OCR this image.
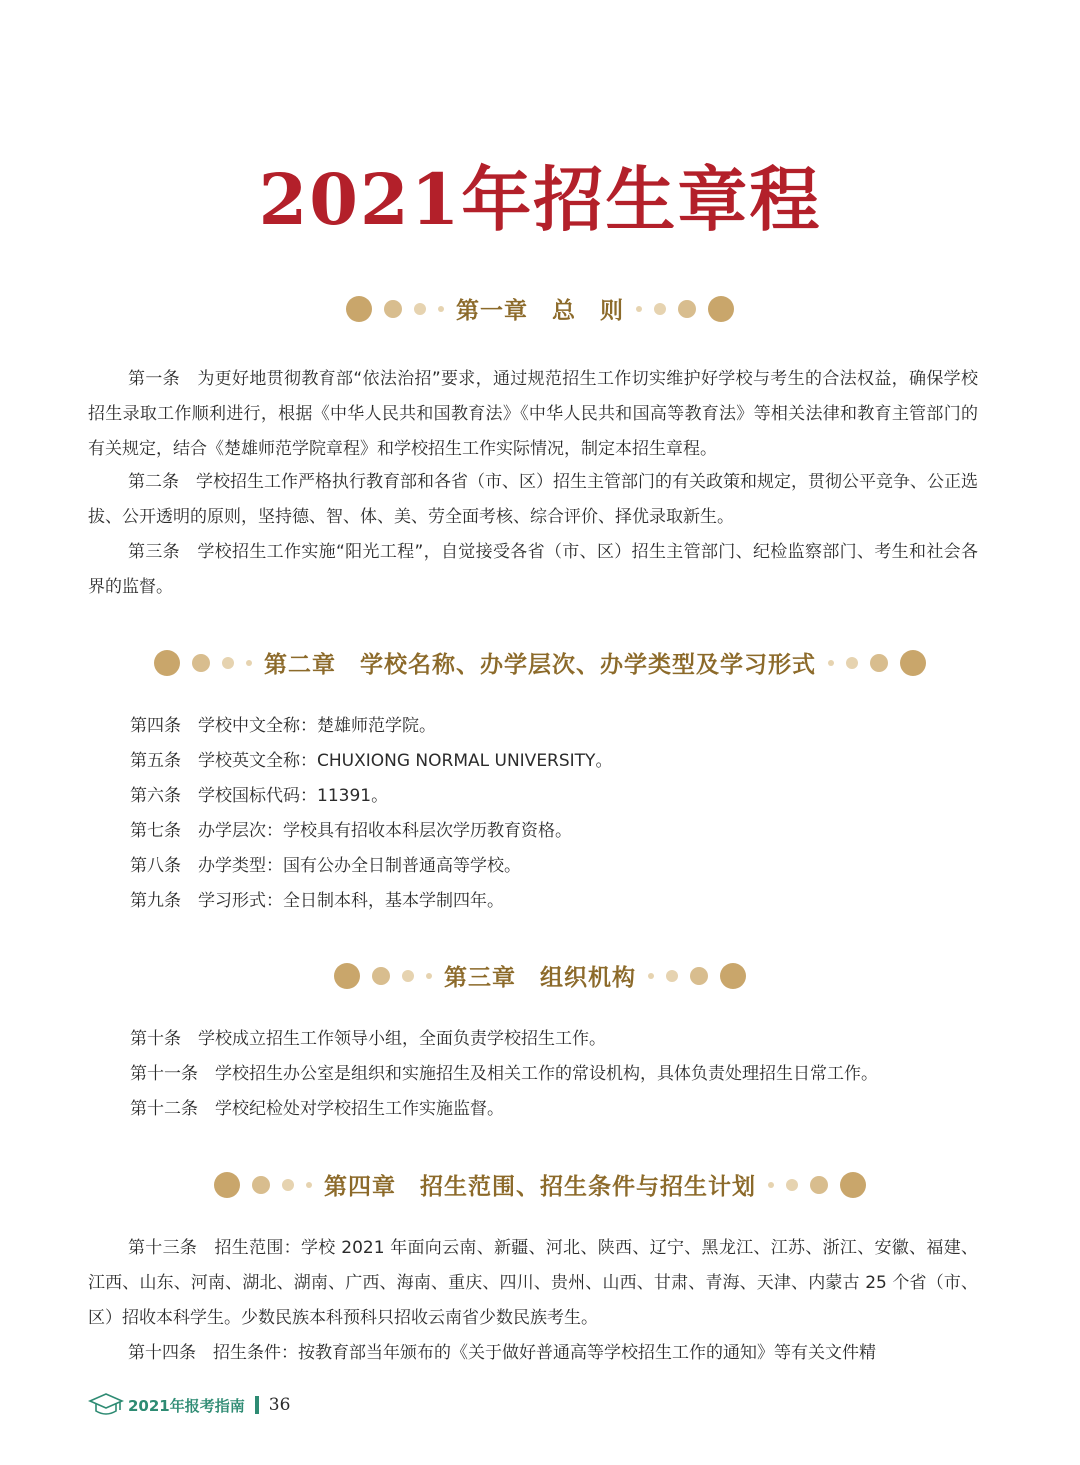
2021年招生章程
第一章　总　则

第一条　为更好地贯彻教育部“依法治招”要求，通过规范招生工作切实维护好学校与考生的合法权益，确保学校招生录取工作顺利进行，根据《中华人民共和国教育法》《中华人民共和国高等教育法》等相关法律和教育主管部门的有关规定，结合《楚雄师范学院章程》和学校招生工作实际情况，制定本招生章程。

第二条　学校招生工作严格执行教育部和各省（市、区）招生主管部门的有关政策和规定，贯彻公平竞争、公正选拔、公开透明的原则，坚持德、智、体、美、劳全面考核、综合评价、择优录取新生。

第三条　学校招生工作实施“阳光工程”，自觉接受各省（市、区）招生主管部门、纪检监察部门、考生和社会各界的监督。

第二章　学校名称、办学层次、办学类型及学习形式
第四条　学校中文全称：楚雄师范学院。
第五条　学校英文全称：CHUXIONG NORMAL UNIVERSITY。
第六条　学校国标代码：11391。
第七条　办学层次：学校具有招收本科层次学历教育资格。
第八条　办学类型：国有公办全日制普通高等学校。
第九条　学习形式：全日制本科，基本学制四年。
第三章　组织机构
第十条　学校成立招生工作领导小组，全面负责学校招生工作。
第十一条　学校招生办公室是组织和实施招生及相关工作的常设机构，具体负责处理招生日常工作。
第十二条　学校纪检处对学校招生工作实施监督。
第四章　招生范围、招生条件与招生计划

第十三条　招生范围：学校 2021 年面向云南、新疆、河北、陕西、辽宁、黑龙江、江苏、浙江、安徽、福建、江西、山东、河南、湖北、湖南、广西、海南、重庆、四川、贵州、山西、甘肃、青海、天津、内蒙古 25 个省（市、区）招收本科学生。少数民族本科预科只招收云南省少数民族考生。

第十四条　招生条件：按教育部当年颁布的《关于做好普通高等学校招生工作的通知》等有关文件精

2021年报考指南 36
